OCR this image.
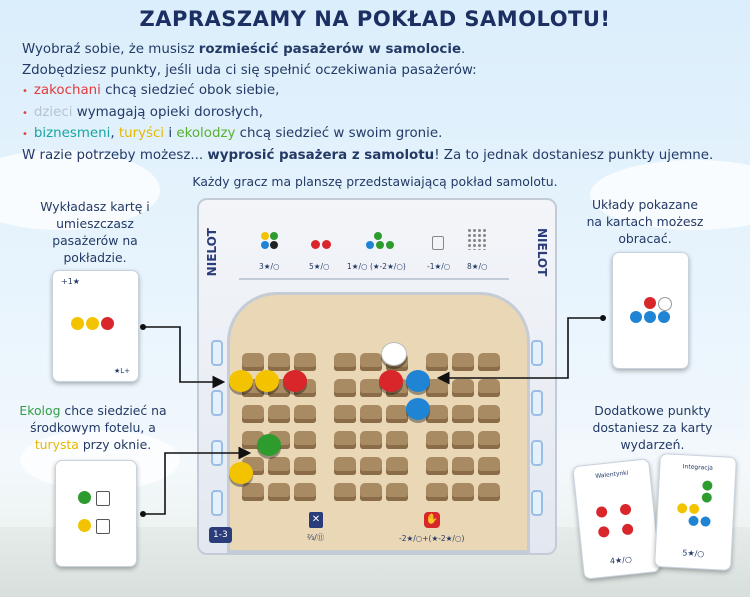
ZAPRASZAMY NA POKŁAD SAMOLOTU!

Wyobraź sobie, że musisz rozmieścić pasażerów w samolocie.

Zdobędziesz punkty, jeśli uda ci się spełnić oczekiwania pasażerów:

• zakochani chcą siedzieć obok siebie,

• dzieci wymagają opieki dorosłych,

• biznesmeni, turyści i ekolodzy chcą siedzieć w swoim gronie.

W razie potrzeby możesz... wyprosić pasażera z samolotu! Za to jednak dostaniesz punkty ujemne.

Każdy gracz ma planszę przedstawiającą pokład samolotu.
Wykładasz kartę i umieszczasz pasażerów na pokładzie.
Ekolog chce siedzieć na środkowym fotelu, a turysta przy oknie.
Układy pokazane na kartach możesz obracać.
Dodatkowe punkty dostaniesz za karty wydarzeń.
+1★
★L+
Walentynki
4★/○
Integracja
5★/○
NIELOT	NIELOT
3★/○	5★/○ 1★/○ (★-2★/○)	-1★/○ 8★/○
1-3
✕
⅔/⑪
✋
-2★/○+(★-2★/○)
